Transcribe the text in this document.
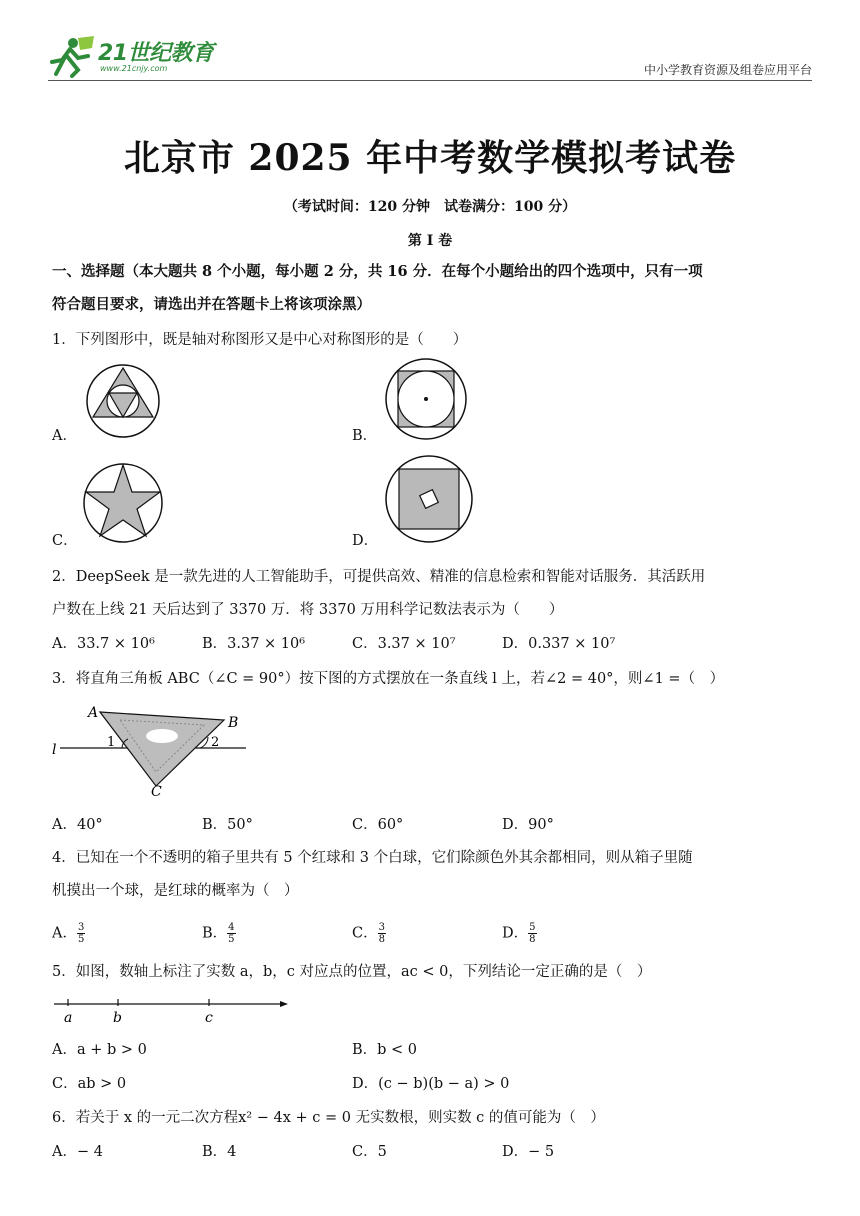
21世纪教育
www.21cnjy.com	中小学教育资源及组卷应用平台
北京市 2025 年中考数学模拟考试卷
（考试时间：120 分钟　试卷满分：100 分）
第 I 卷
一、选择题（本大题共 8 个小题，每小题 2 分，共 16 分．在每个小题给出的四个选项中，只有一项
符合题目要求，请选出并在答题卡上将该项涂黑）
1．下列图形中，既是轴对称图形又是中心对称图形的是（　　）
A．	B．
C．	D．
2．DeepSeek 是一款先进的人工智能助手，可提供高效、精准的信息检索和智能对话服务．其活跃用
户数在上线 21 天后达到了 3370 万．将 3370 万用科学记数法表示为（　　）
A．33.7 × 10⁶	B．3.37 × 10⁶	C．3.37 × 10⁷	D．0.337 × 10⁷
3．将直角三角板 ABC（∠C = 90°）按下图的方式摆放在一条直线 l 上，若∠2 = 40°，则∠1 =（　）
A
B
C
l	1	2
A．40°	B．50°	C．60°	D．90°
4．已知在一个不透明的箱子里共有 5 个红球和 3 个白球，它们除颜色外其余都相同，则从箱子里随
机摸出一个球，是红球的概率为（　）
A． $\frac{3}{5}$	B． $\frac{4}{5}$	C． $\frac{3}{8}$	D． $\frac{5}{8}$
5．如图，数轴上标注了实数 a，b，c 对应点的位置，ac < 0，下列结论一定正确的是（　）
a	b	c
A．a + b > 0	B．b < 0
C．ab > 0	D．(c − b)(b − a) > 0
6．若关于 x 的一元二次方程x² − 4x + c = 0 无实数根，则实数 c 的值可能为（　）
A．− 4	B．4	C．5	D．− 5
